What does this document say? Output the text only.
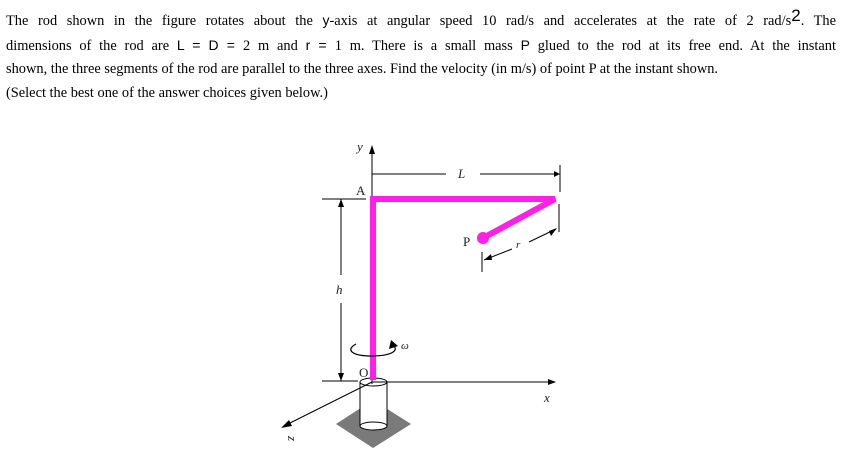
The rod shown in the figure rotates about the y-axis at angular speed 10 rad/s and accelerates at the rate of 2 rad/s2. The
dimensions of the rod are L = D = 2 m and r = 1 m. There is a small mass P glued to the rod at its free end. At the instant
shown, the three segments of the rod are parallel to the three axes. Find the velocity (in m/s) of point P at the instant shown.
(Select the best one of the answer choices given below.)
y
L
A
P	r
h
ω
O
x
z
